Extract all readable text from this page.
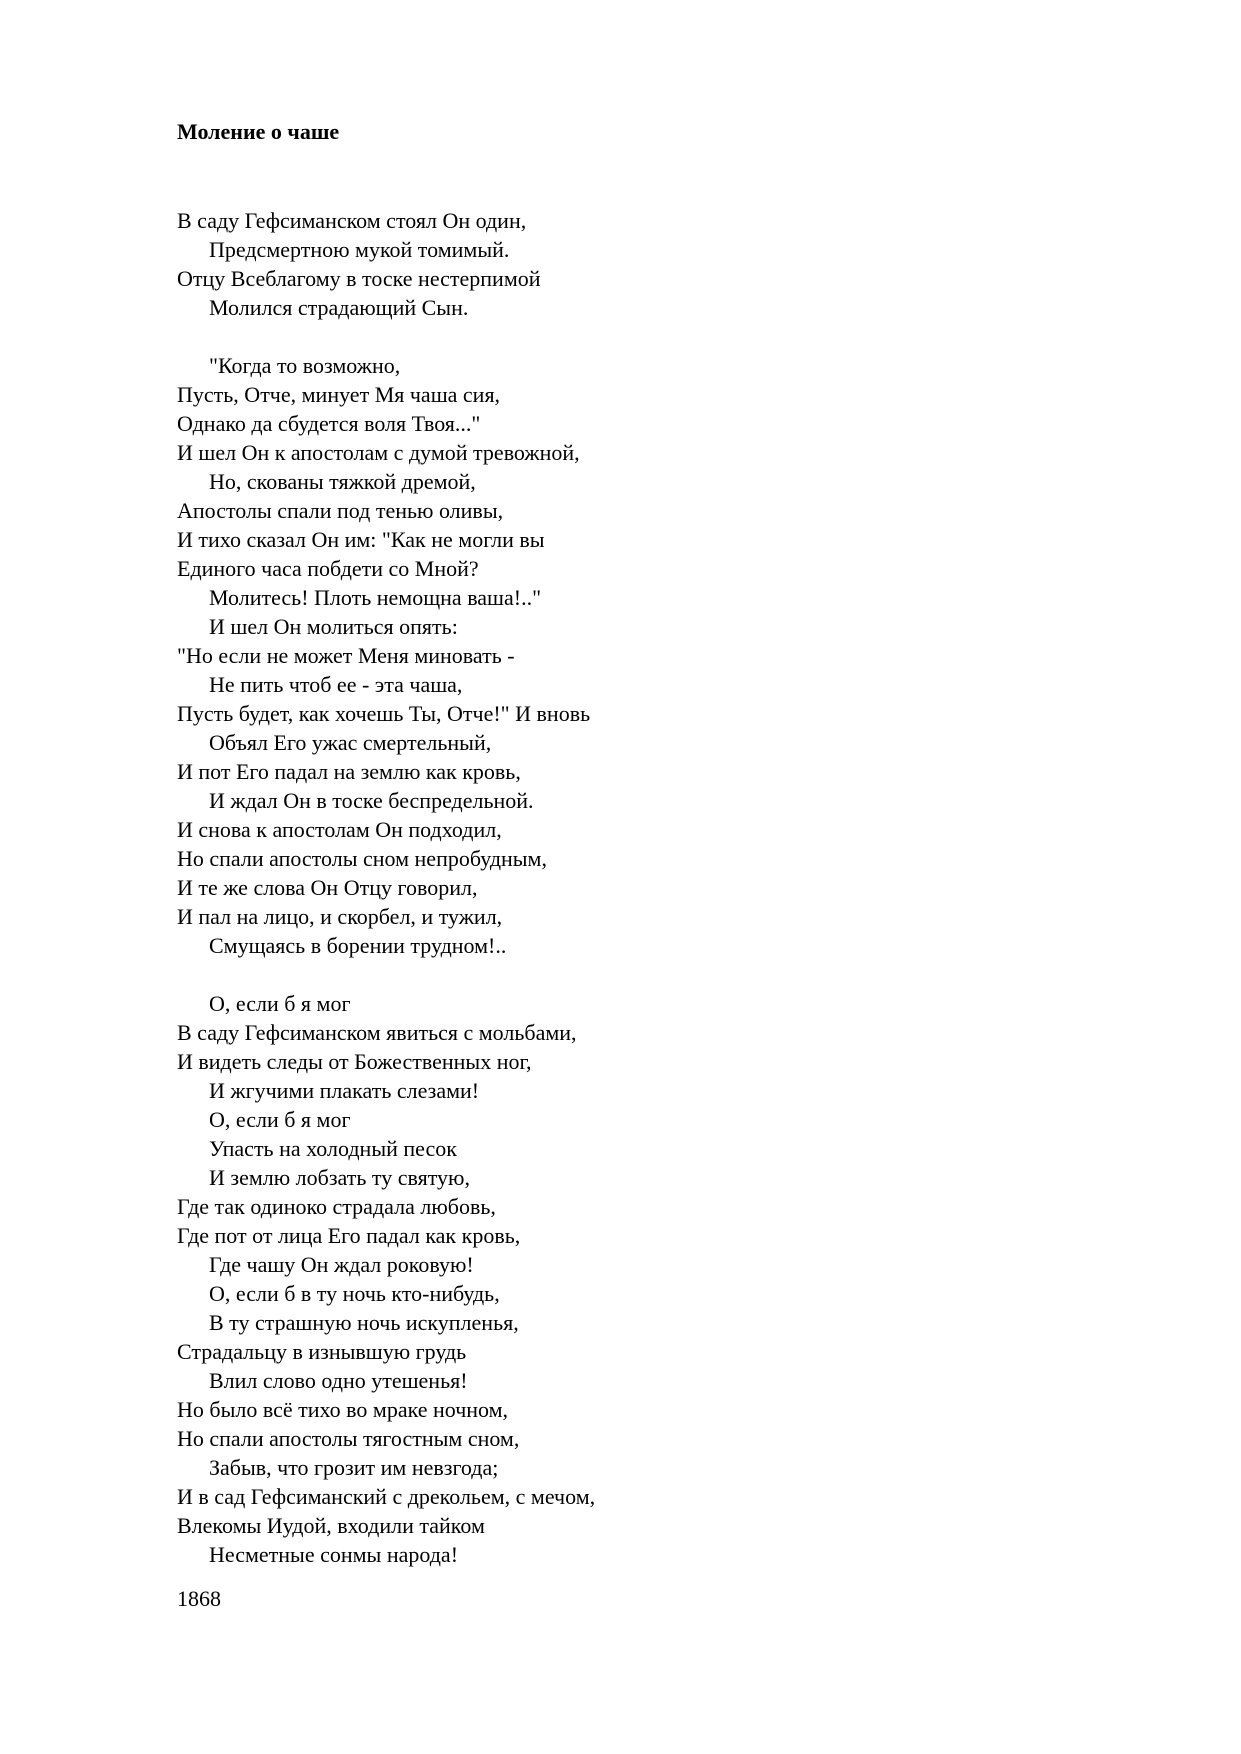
Моление о чаше
В саду Гефсиманском стоял Он один,
Предсмертною мукой томимый.
Отцу Всеблагому в тоске нестерпимой
Молился страдающий Сын.
"Когда то возможно,
Пусть, Отче, минует Мя чаша сия,
Однако да сбудется воля Твоя..."
И шел Он к апостолам с думой тревожной,
Но, скованы тяжкой дремой,
Апостолы спали под тенью оливы,
И тихо сказал Он им: "Как не могли вы
Единого часа побдети со Мной?
Молитесь! Плоть немощна ваша!.."
И шел Он молиться опять:
"Но если не может Меня миновать -
Не пить чтоб ее - эта чаша,
Пусть будет, как хочешь Ты, Отче!" И вновь
Объял Его ужас смертельный,
И пот Его падал на землю как кровь,
И ждал Он в тоске беспредельной.
И снова к апостолам Он подходил,
Но спали апостолы сном непробудным,
И те же слова Он Отцу говорил,
И пал на лицо, и скорбел, и тужил,
Смущаясь в борении трудном!..
О, если б я мог
В саду Гефсиманском явиться с мольбами,
И видеть следы от Божественных ног,
И жгучими плакать слезами!
О, если б я мог
Упасть на холодный песок
И землю лобзать ту святую,
Где так одиноко страдала любовь,
Где пот от лица Его падал как кровь,
Где чашу Он ждал роковую!
О, если б в ту ночь кто-нибудь,
В ту страшную ночь искупленья,
Страдальцу в изнывшую грудь
Влил слово одно утешенья!
Но было всё тихо во мраке ночном,
Но спали апостолы тягостным сном,
Забыв, что грозит им невзгода;
И в сад Гефсиманский с дрекольем, с мечом,
Влекомы Иудой, входили тайком
Несметные сонмы народа!
1868
